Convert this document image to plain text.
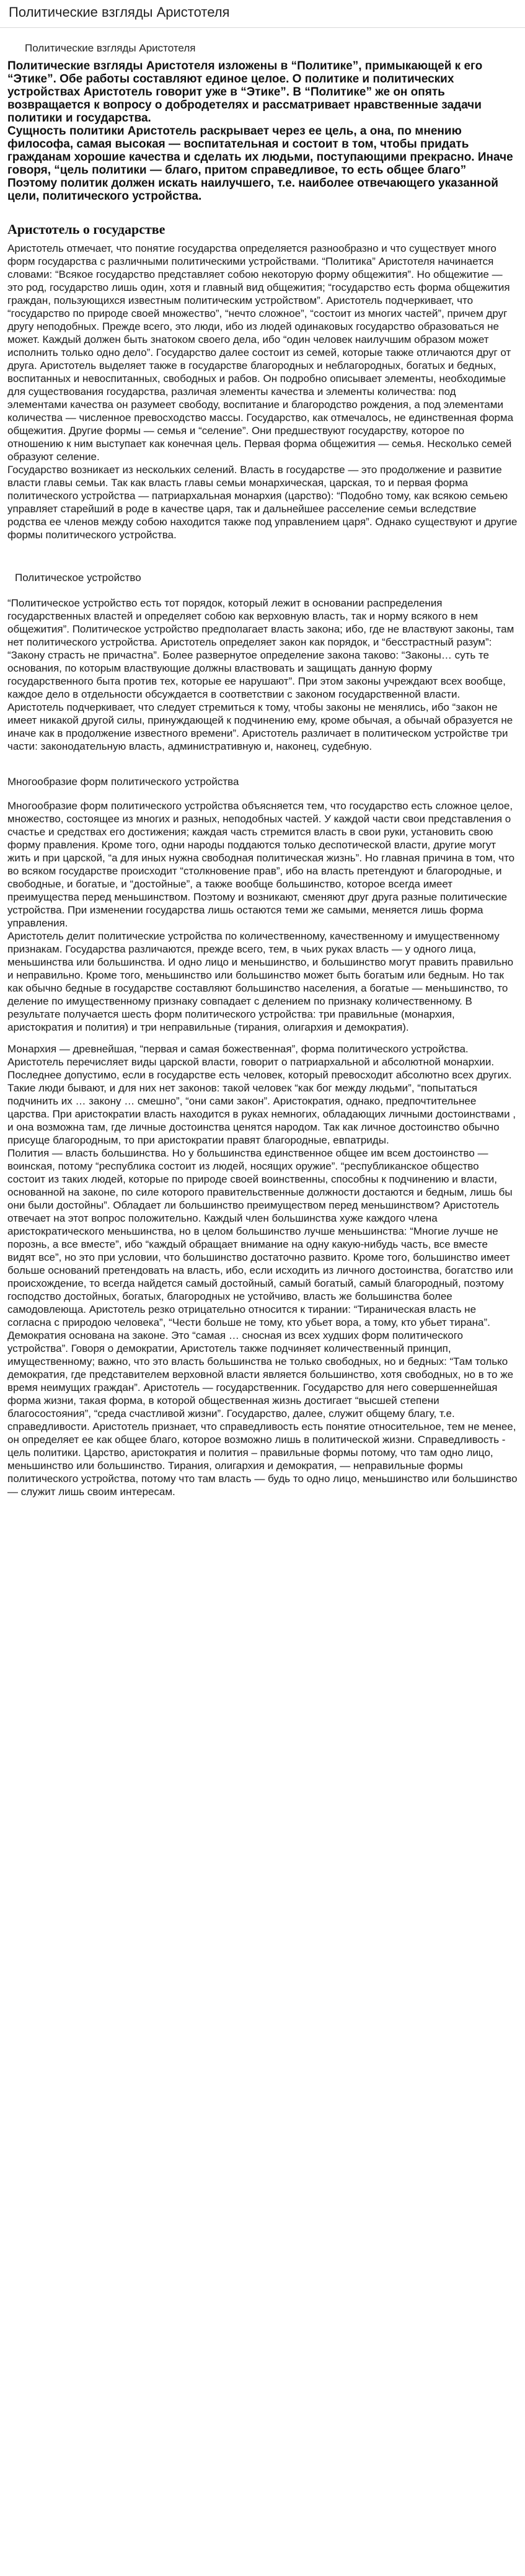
Политические взгляды Аристотеля
Политические взгляды Аристотеля

Политические взгляды Аристотеля изложены в “Политике”, примыкающей к его “Этике”. Обе работы составляют единое целое. О политике и политических устройствах Аристотель говорит уже в “Этике”. В “Политике” же он опять возвращается к вопросу о добродетелях и рассматривает нравственные задачи политики и государства.

Сущность политики Аристотель раскрывает через ее цель, а она, по мнению философа, самая высокая — воспитательная и состоит в том, чтобы придать гражданам хорошие качества и сделать их людьми, поступающими прекрасно. Иначе говоря, “цель политики — благо, притом справедливое, то есть общее благо” Поэтому политик должен искать наилучшего, т.е. наиболее отвечающего указанной цели, политического устройства.

Аристотель о государстве

Аристотель отмечает, что понятие государства определяется разнообразно и что существует много форм государства с различными политическими устройствами. “Политика” Аристотеля начинается словами: “Всякое государство представляет собою некоторую форму общежития”. Но общежитие — это род, государство лишь один, хотя и главный вид общежития; “государство есть форма общежития граждан, пользующихся известным политическим устройством”. Аристотель подчеркивает, что “государство по природе своей множество”, “нечто сложное”, “состоит из многих частей”, причем друг другу неподобных. Прежде всего, это люди, ибо из людей одинаковых государство образоваться не может. Каждый должен быть знатоком своего дела, ибо “один человек наилучшим образом может исполнить только одно дело”. Государство далее состоит из семей, которые также отличаются друг от друга. Аристотель выделяет также в государстве благородных и неблагородных, богатых и бедных, воспитанных и невоспитанных, свободных и рабов. Он подробно описывает элементы, необходимые для существования государства, различая элементы качества и элементы количества: под элементами качества он разумеет свободу, воспитание и благородство рождения, а под элементами количества — численное превосходство массы. Государство, как отмечалось, не единственная форма общежития. Другие формы — семья и “селение”. Они предшествуют государству, которое по отношению к ним выступает как конечная цель. Первая форма общежития — семья. Несколько семей образуют селение.

Государство возникает из нескольких селений. Власть в государстве — это продолжение и развитие власти главы семьи. Так как власть главы семьи монархическая, царская, то и первая форма политического устройства — патриархальная монархия (царство): “Подобно тому, как всякою семьею управляет старейший в роде в качестве царя, так и дальнейшее расселение семьи вследствие родства ее членов между собою находится также под управлением царя”. Однако существуют и другие формы политического устройства.

Политическое устройство

“Политическое устройство есть тот порядок, который лежит в основании распределения государственных властей и определяет собою как верховную власть, так и норму всякого в нем общежития”. Политическое устройство предполагает власть закона; ибо, где не властвуют законы, там нет политического устройства. Аристотель определяет закон как порядок, и “бесстрастный разум”: “Закону страсть не причастна”. Более развернутое определение закона таково: “Законы… суть те основания, по которым властвующие должны властвовать и защищать данную форму государственного быта против тех, которые ее нарушают”. При этом законы учреждают всех вообще, каждое дело в отдельности обсуждается в соответствии с законом государственной власти. Аристотель подчеркивает, что следует стремиться к тому, чтобы законы не менялись, ибо “закон не имеет никакой другой силы, принуждающей к подчинению ему, кроме обычая, а обычай образуется не иначе как в продолжение известного времени”. Аристотель различает в политическом устройстве три части: законодательную власть, административную и, наконец, судебную.

Многообразие форм политического устройства

Многообразие форм политического устройства объясняется тем, что государство есть сложное целое, множество, состоящее из многих и разных, неподобных частей. У каждой части свои представления о счастье и средствах его достижения; каждая часть стремится власть в свои руки, установить свою форму правления. Кроме того, одни народы поддаются только деспотической власти, другие могут жить и при царской, “а для иных нужна свободная политическая жизнь”. Но главная причина в том, что во всяком государстве происходит “столкновение прав”, ибо на власть претендуют и благородные, и свободные, и богатые, и “достойные”, а также вообще большинство, которое всегда имеет преимущества перед меньшинством. Поэтому и возникают, сменяют друг друга разные политические устройства. При изменении государства лишь остаются теми же самыми, меняется лишь форма управления.

Аристотель делит политические устройства по количественному, качественному и имущественному признакам. Государства различаются, прежде всего, тем, в чьих руках власть — у одного лица, меньшинства или большинства. И одно лицо и меньшинство, и большинство могут править правильно и неправильно. Кроме того, меньшинство или большинство может быть богатым или бедным. Но так как обычно бедные в государстве составляют большинство населения, а богатые — меньшинство, то деление по имущественному признаку совпадает с делением по признаку количественному. В результате получается шесть форм политического устройства: три правильные (монархия, аристократия и полития) и три неправильные (тирания, олигархия и демократия).

Монархия — древнейшая, “первая и самая божественная”, форма политического устройства. Аристотель перечисляет виды царской власти, говорит о патриархальной и абсолютной монархии. Последнее допустимо, если в государстве есть человек, который превосходит абсолютно всех других. Такие люди бывают, и для них нет законов: такой человек “как бог между людьми”, “попытаться подчинить их … закону … смешно”, “они сами закон”. Аристократия, однако, предпочтительнее царства. При аристократии власть находится в руках немногих, обладающих личными достоинствами , и она возможна там, где личные достоинства ценятся народом. Так как личное достоинство обычно присуще благородным, то при аристократии правят благородные, евпатриды.

Полития — власть большинства. Но у большинства единственное общее им всем достоинство — воинская, потому “республика состоит из людей, носящих оружие”. “республиканское общество состоит из таких людей, которые по природе своей воинственны, способны к подчинению и власти, основанной на законе, по силе которого правительственные должности достаются и бедным, лишь бы они были достойны”. Обладает ли большинство преимуществом перед меньшинством? Аристотель отвечает на этот вопрос положительно. Каждый член большинства хуже каждого члена аристократического меньшинства, но в целом большинство лучше меньшинства: “Многие лучше не порознь, а все вместе”, ибо “каждый обращает внимание на одну какую-нибудь часть, все вместе видят все”, но это при условии, что большинство достаточно развито. Кроме того, большинство имеет больше оснований претендовать на власть, ибо, если исходить из личного достоинства, богатство или происхождение, то всегда найдется самый достойный, самый богатый, самый благородный, поэтому господство достойных, богатых, благородных не устойчиво, власть же большинства более самодовлеюща. Аристотель резко отрицательно относится к тирании: “Тираническая власть не согласна с природою человека”, “Чести больше не тому, кто убьет вора, а тому, кто убьет тирана”.

Демократия основана на законе. Это “самая … сносная из всех худших форм политического устройства”. Говоря о демократии, Аристотель также подчиняет количественный принцип, имущественному; важно, что это власть большинства не только свободных, но и бедных: “Там только демократия, где представителем верховной власти является большинство, хотя свободных, но в то же время неимущих граждан”. Аристотель — государственник. Государство для него совершеннейшая форма жизни, такая форма, в которой общественная жизнь достигает “высшей степени благосостояния”, “среда счастливой жизни”. Государство, далее, служит общему благу, т.е. справедливости. Аристотель признает, что справедливость есть понятие относительное, тем не менее, он определяет ее как общее благо, которое возможно лишь в политической жизни. Справедливость - цель политики. Царство, аристократия и полития – правильные формы потому, что там одно лицо, меньшинство или большинство. Тирания, олигархия и демократия, — неправильные формы политического устройства, потому что там власть — будь то одно лицо, меньшинство или большинство — служит лишь своим интересам.
